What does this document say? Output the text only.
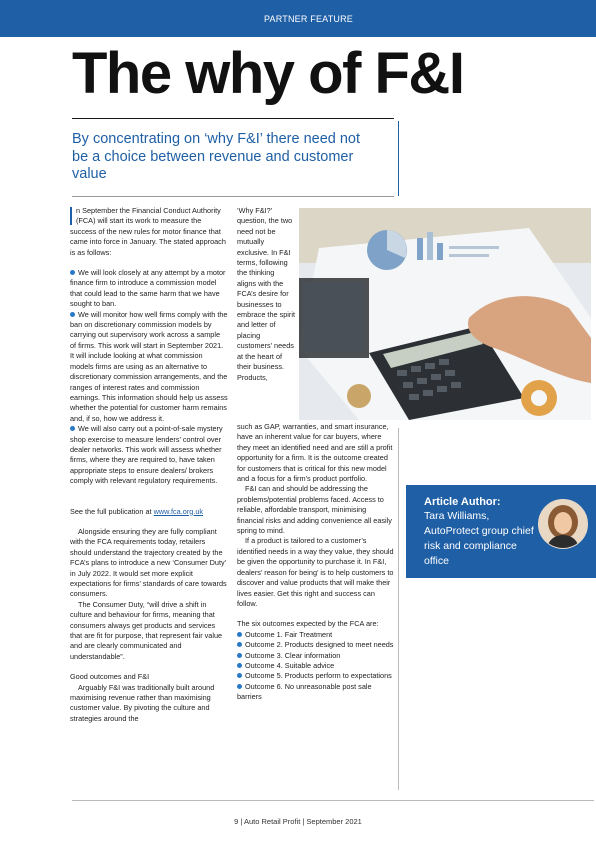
PARTNER FEATURE
The why of F&I

By concentrating on ‘why F&I’ there need not be a choice between revenue and customer value

n September the Financial Conduct Authority (FCA) will start its work to measure the success of the new rules for motor finance that came into force in January. The stated approach is as follows:

We will look closely at any attempt by a motor finance firm to introduce a commission model that could lead to the same harm that we have sought to ban.

We will monitor how well firms comply with the ban on discretionary commission models by carrying out supervisory work across a sample of firms. This work will start in September 2021. It will include looking at what commission models firms are using as an alternative to discretionary commission arrangements, and the ranges of interest rates and commission earnings. This information should help us assess whether the potential for customer harm remains and, if so, how we address it.

We will also carry out a point-of-sale mystery shop exercise to measure lenders’ control over dealer networks. This work will assess whether firms, where they are required to, have taken appropriate steps to ensure dealers/ brokers comply with relevant regulatory requirements.

See the full publication at www.fca.org.uk

Alongside ensuring they are fully compliant with the FCA requirements today, retailers should understand the trajectory created by the FCA’s plans to introduce a new ‘Consumer Duty’ in July 2022. It would set more explicit expectations for firms’ standards of care towards consumers.

The Consumer Duty, “will drive a shift in culture and behaviour for firms, meaning that consumers always get products and services that are fit for purpose, that represent fair value and are clearly communicated and understandable”.

Good outcomes and F&I

Arguably F&I was traditionally built around maximising revenue rather than maximising customer value. By pivoting the culture and strategies around the

‘Why F&I?’ question, the two need not be mutually exclusive. In F&I terms, following the thinking aligns with the FCA’s desire for businesses to embrace the spirit and letter of placing customers’ needs at the heart of their business. Products,

such as GAP, warranties, and smart insurance, have an inherent value for car buyers, where they meet an identified need and are still a profit opportunity for a firm. It is the outcome created for customers that is critical for this new model and a focus for a firm’s product portfolio.

F&I can and should be addressing the problems/potential problems faced. Access to reliable, affordable transport, minimising financial risks and adding convenience all easily spring to mind.

If a product is tailored to a customer’s identified needs in a way they value, they should be given the opportunity to purchase it. In F&I, dealers’ reason for being’ is to help customers to discover and value products that will make their lives easier. Get this right and success can follow.

The six outcomes expected by the FCA are:

Outcome 1. Fair Treatment

Outcome 2. Products designed to meet needs

Outcome 3. Clear information

Outcome 4. Suitable advice

Outcome 5. Products perform to expectations

Outcome 6. No unreasonable post sale barriers

Article Author:
Tara Williams, AutoProtect group chief risk and compliance office
9 | Auto Retail Profit | September 2021
